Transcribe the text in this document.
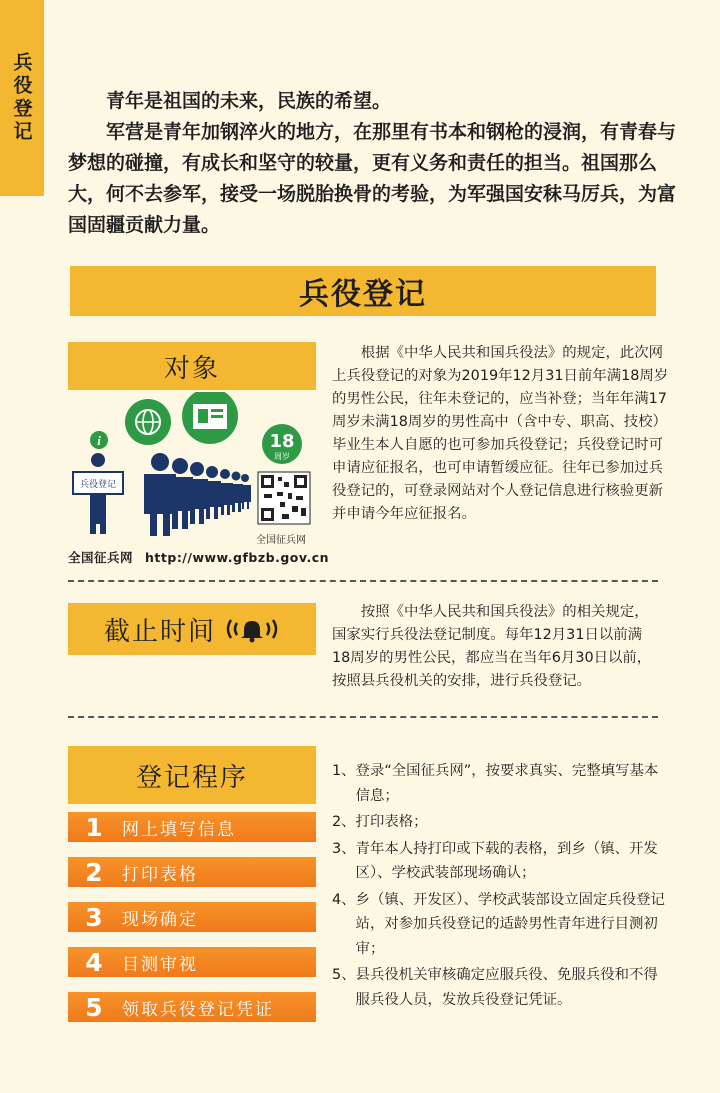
兵役登记	青年是祖国的未来，民族的希望。

军营是青年加钢淬火的地方，在那里有书本和钢枪的浸润，有青春与梦想的碰撞，有成长和坚守的较量，更有义务和责任的担当。祖国那么大，何不去参军，接受一场脱胎换骨的考验，为军强国安秣马厉兵，为富国固疆贡献力量。

兵役登记
对象
i	18
周岁
兵役登记
全国征兵网
全国征兵网 http://www.gfbzb.gov.cn
根据《中华人民共和国兵役法》的规定，此次网上兵役登记的对象为2019年12月31日前年满18周岁的男性公民，往年未登记的，应当补登；当年年满17周岁未满18周岁的男性高中（含中专、职高、技校）毕业生本人自愿的也可参加兵役登记；兵役登记时可申请应征报名，也可申请暂缓应征。往年已参加过兵役登记的，可登录网站对个人登记信息进行核验更新并申请今年应征报名。
截止时间

按照《中华人民共和国兵役法》的相关规定，国家实行兵役法登记制度。每年12月31日以前满 18周岁的男性公民，都应当在当年6月30日以前，按照县兵役机关的安排，进行兵役登记。

登记程序
1	网上填写信息
2	打印表格
3	现场确定
4	目测审视
5	领取兵役登记凭证
1、 登录“全国征兵网”，按要求真实、完整填写基本信息；
2、 打印表格；
3、 青年本人持打印或下载的表格，到乡（镇、开发区）、学校武装部现场确认；
4、 乡（镇、开发区）、学校武装部设立固定兵役登记站，对参加兵役登记的适龄男性青年进行目测初审；
5、 县兵役机关审核确定应服兵役、免服兵役和不得服兵役人员，发放兵役登记凭证。
